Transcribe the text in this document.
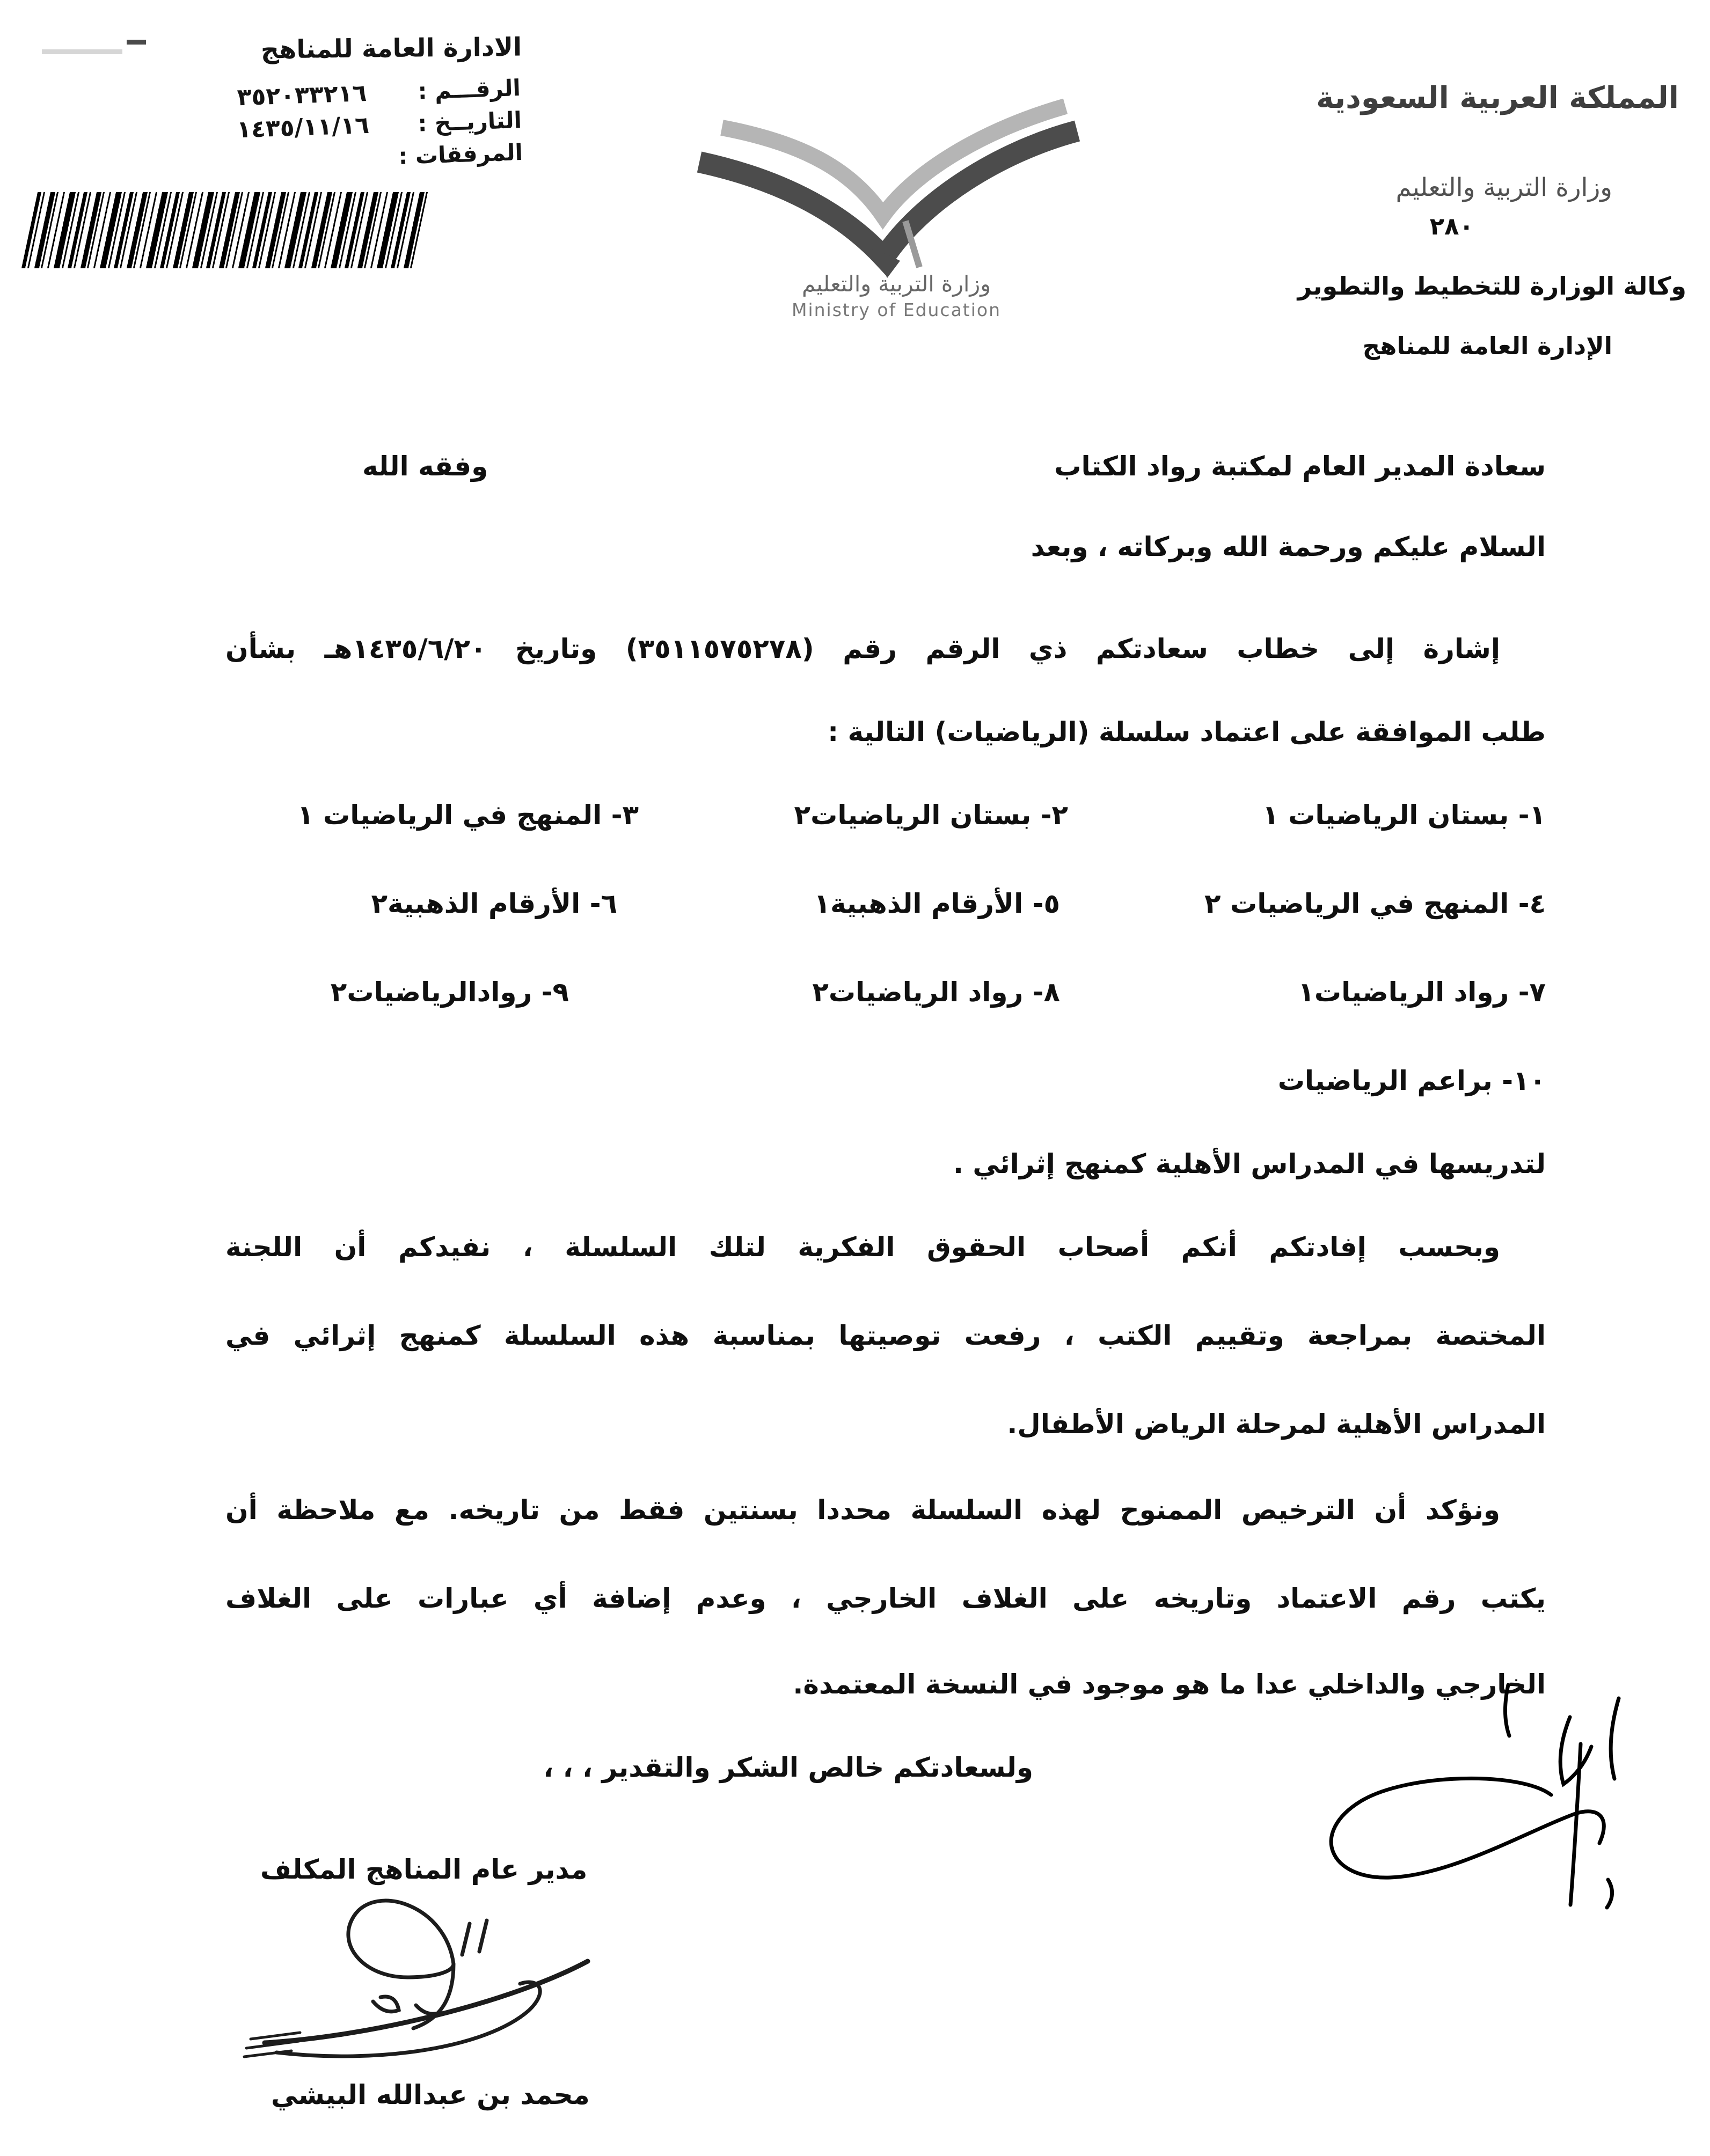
الادارة العامة للمناهج
الرقـــم :
٣٥٢٠٣٣٢١٦
التاريــخ :
١٤٣٥/١١/١٦
المرفقات :
المملكة العربية السعودية
وزارة التربية والتعليم
٢٨٠
وكالة الوزارة للتخطيط والتطوير
الإدارة العامة للمناهج
وزارة التربية والتعليم
Ministry of Education
سعادة المدير العام لمكتبة رواد الكتاب
وفقه الله
السلام عليكم ورحمة الله وبركاته ، وبعد
إشارة إلى خطاب سعادتكم ذي الرقم رقم (٣٥١١٥٧٥٢٧٨) وتاريخ ١٤٣٥/٦/٢٠هـ بشأن
طلب الموافقة على اعتماد سلسلة (الرياضيات) التالية :
١- بستان الرياضيات ١
٢- بستان الرياضيات٢
٣- المنهج في الرياضيات ١
٤- المنهج في الرياضيات ٢
٥- الأرقام الذهبية١
٦- الأرقام الذهبية٢
٧- رواد الرياضيات١
٨- رواد الرياضيات٢
٩- روادالرياضيات٢
١٠- براعم الرياضيات
لتدريسها في المدراس الأهلية كمنهج إثرائي .
وبحسب إفادتكم أنكم أصحاب الحقوق الفكرية لتلك السلسلة ، نفيدكم أن اللجنة
المختصة بمراجعة وتقييم الكتب ، رفعت توصيتها بمناسبة هذه السلسلة كمنهج إثرائي في
المدراس الأهلية لمرحلة الرياض الأطفال.
ونؤكد أن الترخيص الممنوح لهذه السلسلة محددا بسنتين فقط من تاريخه. مع ملاحظة أن
يكتب رقم الاعتماد وتاريخه على الغلاف الخارجي ، وعدم إضافة أي عبارات على الغلاف
الخارجي والداخلي عدا ما هو موجود في النسخة المعتمدة.
ولسعادتكم خالص الشكر والتقدير ، ، ،
مدير عام المناهج المكلف
محمد بن عبدالله البيشي
